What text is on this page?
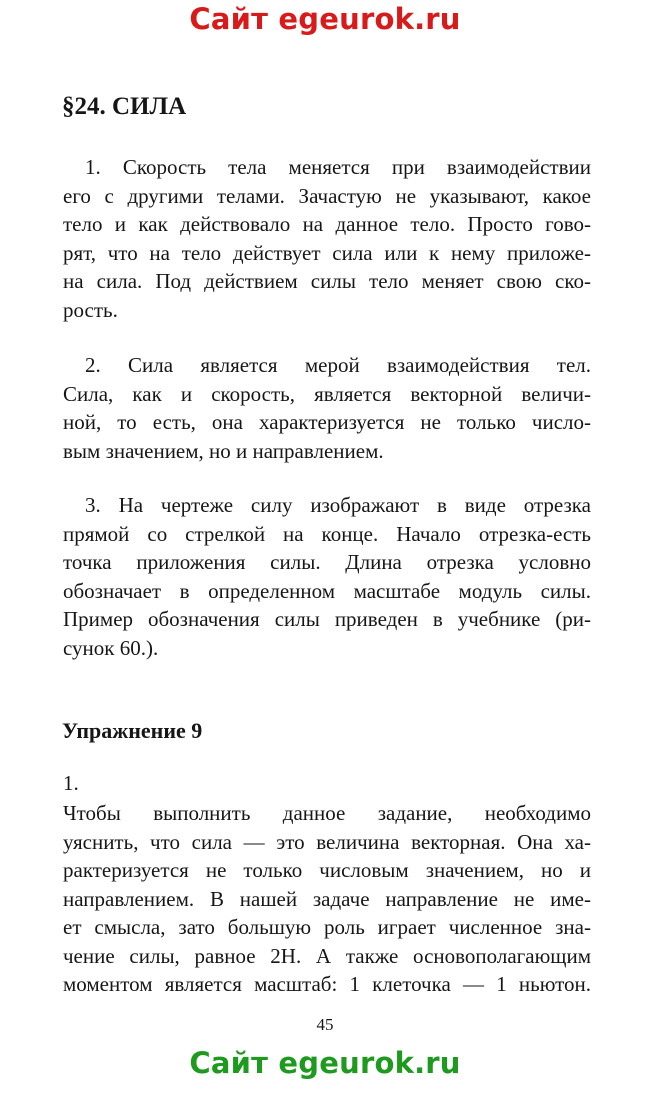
Сайт egeurok.ru
§24. СИЛА
1. Скорость тела меняется при взаимодействии
его с другими телами. Зачастую не указывают, какое
тело и как действовало на данное тело. Просто гово-
рят, что на тело действует сила или к нему приложе-
на сила. Под действием силы тело меняет свою ско-
рость.
2. Сила является мерой взаимодействия тел.
Сила, как и скорость, является векторной величи-
ной, то есть, она характеризуется не только число-
вым значением, но и направлением.
3. На чертеже силу изображают в виде отрезка
прямой со стрелкой на конце. Начало отрезка-есть
точка приложения силы. Длина отрезка условно
обозначает в определенном масштабе модуль силы.
Пример обозначения силы приведен в учебнике (ри-
сунок 60.).
Упражнение 9
1.
Чтобы выполнить данное задание, необходимо
уяснить, что сила — это величина векторная. Она ха-
рактеризуется не только числовым значением, но и
направлением. В нашей задаче направление не име-
ет смысла, зато большую роль играет численное зна-
чение силы, равное 2Н. А также основополагающим
моментом является масштаб: 1 клеточка — 1 ньютон.
45
Сайт egeurok.ru
